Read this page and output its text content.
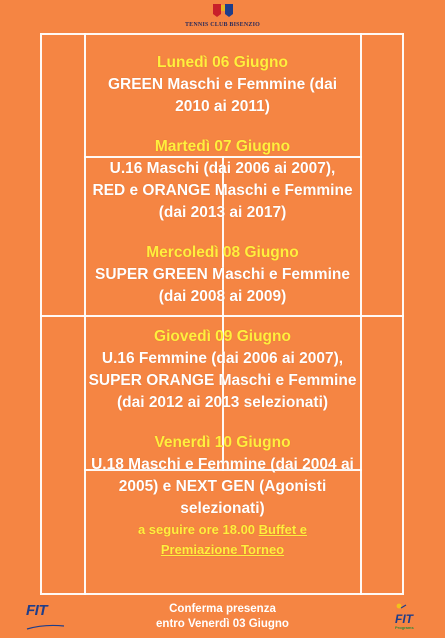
TENNIS CLUB BISENZIO
Lunedì 06 Giugno
GREEN Maschi e Femmine (dai
2010 ai 2011)
Martedì 07 Giugno
U.16 Maschi (dai 2006 ai 2007),
RED e ORANGE Maschi e Femmine
(dai 2013 ai 2017)
Mercoledì 08 Giugno
SUPER GREEN Maschi e Femmine
(dai 2008 ai 2009)
Giovedì 09 Giugno
U.16 Femmine (dai 2006 ai 2007),
SUPER ORANGE Maschi e Femmine
(dai 2012 ai 2013 selezionati)
Venerdì 10 Giugno
U.18 Maschi e Femmine (dai 2004 ai
2005) e NEXT GEN (Agonisti
selezionati)
a seguire ore 18.00 Buffet e
Premiazione Torneo
FIT	Conferma presenza
entro Venerdì 03 Giugno	FIT
Programs
